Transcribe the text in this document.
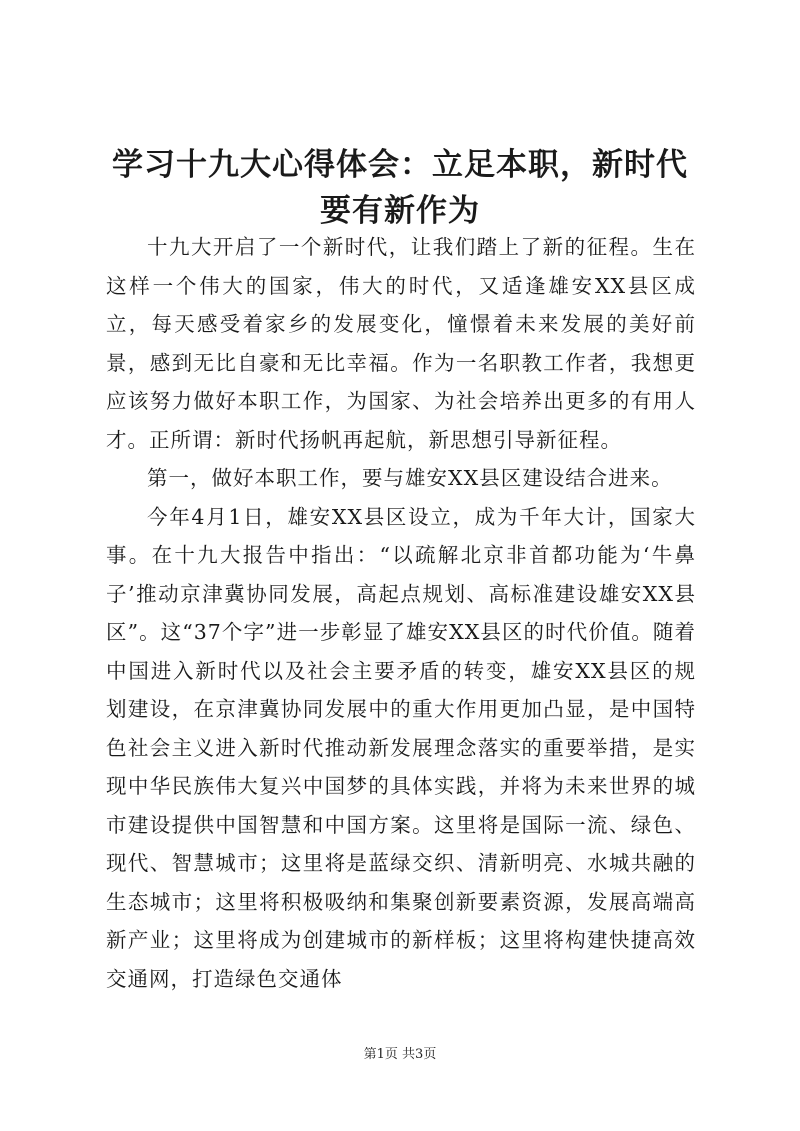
学习十九大心得体会：立足本职，新时代要有新作为

十九大开启了一个新时代，让我们踏上了新的征程。生在这样一个伟大的国家，伟大的时代，又适逢雄安XX县区成立，每天感受着家乡的发展变化，憧憬着未来发展的美好前景，感到无比自豪和无比幸福。作为一名职教工作者，我想更应该努力做好本职工作，为国家、为社会培养出更多的有用人才。正所谓：新时代扬帆再起航，新思想引导新征程。

第一，做好本职工作，要与雄安XX县区建设结合进来。

今年4月1日，雄安XX县区设立，成为千年大计，国家大事。在十九大报告中指出：“以疏解北京非首都功能为‘牛鼻子’推动京津冀协同发展，高起点规划、高标准建设雄安XX县区”。这“37个字”进一步彰显了雄安XX县区的时代价值。随着中国进入新时代以及社会主要矛盾的转变，雄安XX县区的规划建设，在京津冀协同发展中的重大作用更加凸显，是中国特色社会主义进入新时代推动新发展理念落实的重要举措，是实现中华民族伟大复兴中国梦的具体实践，并将为未来世界的城市建设提供中国智慧和中国方案。这里将是国际一流、绿色、现代、智慧城市；这里将是蓝绿交织、清新明亮、水城共融的生态城市；这里将积极吸纳和集聚创新要素资源，发展高端高新产业；这里将成为创建城市的新样板；这里将构建快捷高效交通网，打造绿色交通体

第1页 共3页
